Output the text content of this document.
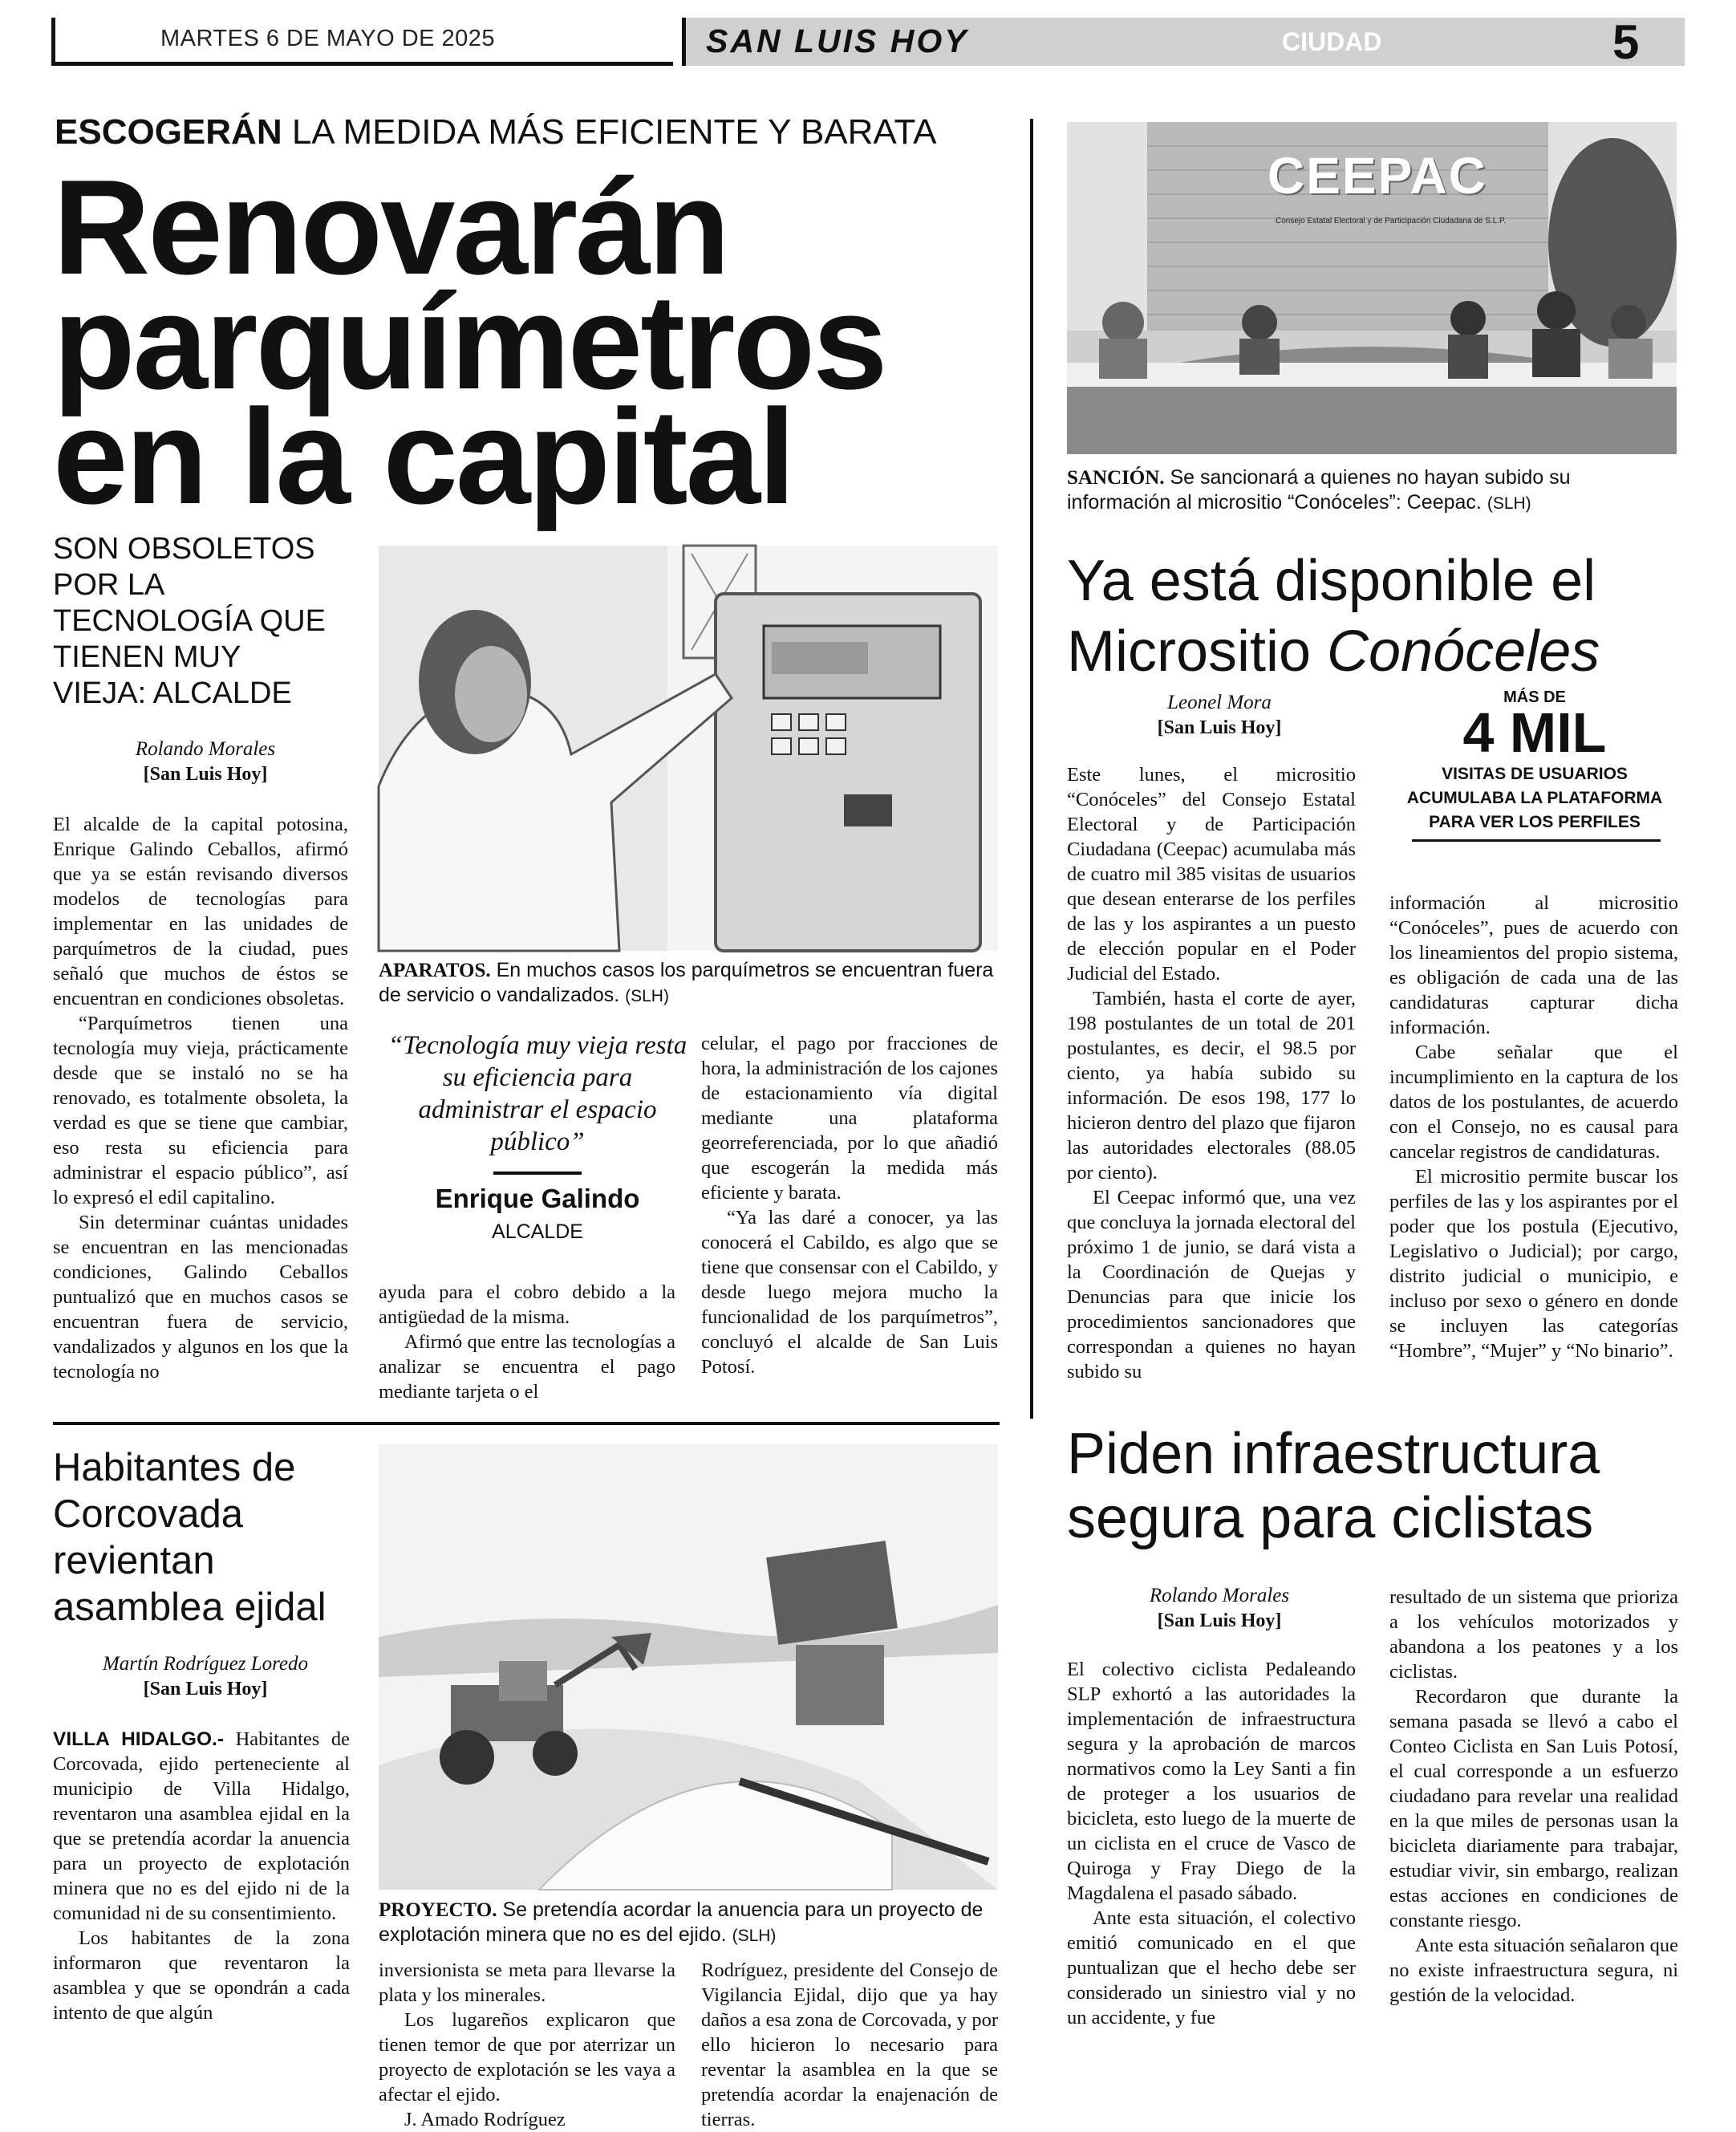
MARTES 6 DE MAYO DE 2025	SAN LUIS HOY	CIUDAD	5
ESCOGERÁN LA MEDIDA MÁS EFICIENTE Y BARATA
Renovarán
parquímetros
en la capital
SON OBSOLETOS POR LA TECNOLOGÍA QUE TIENEN MUY VIEJA: ALCALDE
Rolando Morales
[San Luis Hoy]

El alcalde de la capital potosina, Enrique Galindo Ceballos, afirmó que ya se están revisando diversos modelos de tecnologías para implementar en las unidades de parquímetros de la ciudad, pues señaló que muchos de éstos se encuentran en condiciones obsoletas.

“Parquímetros tienen una tecnología muy vieja, prácticamente desde que se instaló no se ha renovado, es totalmente obsoleta, la verdad es que se tiene que cambiar, eso resta su eficiencia para administrar el espacio público”, así lo expresó el edil capitalino.

Sin determinar cuántas unidades se encuentran en las mencionadas condiciones, Galindo Ceballos puntualizó que en muchos casos se encuentran fuera de servicio, vandalizados y algunos en los que la tecnología no

APARATOS. En muchos casos los parquímetros se encuentran fuera de servicio o vandalizados. (SLH)
“Tecnología muy vieja resta su eficiencia para administrar el espacio público”
Enrique Galindo
ALCALDE

ayuda para el cobro debido a la antigüedad de la misma.

Afirmó que entre las tecnologías a analizar se encuentra el pago mediante tarjeta o el

celular, el pago por fracciones de hora, la administración de los cajones de estacionamiento vía digital mediante una plataforma georreferenciada, por lo que añadió que escogerán la medida más eficiente y barata.

“Ya las daré a conocer, ya las conocerá el Cabildo, es algo que se tiene que consensar con el Cabildo, y desde luego mejora mucho la funcionalidad de los parquímetros”, concluyó el alcalde de San Luis Potosí.

CEEPAC
Consejo Estatal Electoral y de Participación Ciudadana de S.L.P.
SANCIÓN. Se sancionará a quienes no hayan subido su información al micrositio “Conóceles”: Ceepac. (SLH)
Ya está disponible el
Micrositio Conóceles
Leonel Mora
[San Luis Hoy]
MÁS DE
4 MIL
VISITAS DE USUARIOS ACUMULABA LA PLATAFORMA PARA VER LOS PERFILES

Este lunes, el micrositio “Conóceles” del Consejo Estatal Electoral y de Participación Ciudadana (Ceepac) acumulaba más de cuatro mil 385 visitas de usuarios que desean enterarse de los perfiles de las y los aspirantes a un puesto de elección popular en el Poder Judicial del Estado.

También, hasta el corte de ayer, 198 postulantes de un total de 201 postulantes, es decir, el 98.5 por ciento, ya había subido su información. De esos 198, 177 lo hicieron dentro del plazo que fijaron las autoridades electorales (88.05 por ciento).

El Ceepac informó que, una vez que concluya la jornada electoral del próximo 1 de junio, se dará vista a la Coordinación de Quejas y Denuncias para que inicie los procedimientos sancionadores que correspondan a quienes no hayan subido su

información al micrositio “Conóceles”, pues de acuerdo con los lineamientos del propio sistema, es obligación de cada una de las candidaturas capturar dicha información.

Cabe señalar que el incumplimiento en la captura de los datos de los postulantes, de acuerdo con el Consejo, no es causal para cancelar registros de candidaturas.

El micrositio permite buscar los perfiles de las y los aspirantes por el poder que los postula (Ejecutivo, Legislativo o Judicial); por cargo, distrito judicial o municipio, e incluso por sexo o género en donde se incluyen las categorías “Hombre”, “Mujer” y “No binario”.

Piden infraestructura segura para ciclistas
Rolando Morales
[San Luis Hoy]

El colectivo ciclista Pedaleando SLP exhortó a las autoridades la implementación de infraestructura segura y la aprobación de marcos normativos como la Ley Santi a fin de proteger a los usuarios de bicicleta, esto luego de la muerte de un ciclista en el cruce de Vasco de Quiroga y Fray Diego de la Magdalena el pasado sábado.

Ante esta situación, el colectivo emitió comunicado en el que puntualizan que el hecho debe ser considerado un siniestro vial y no un accidente, y fue

resultado de un sistema que prioriza a los vehículos motorizados y abandona a los peatones y a los ciclistas.

Recordaron que durante la semana pasada se llevó a cabo el Conteo Ciclista en San Luis Potosí, el cual corresponde a un esfuerzo ciudadano para revelar una realidad en la que miles de personas usan la bicicleta diariamente para trabajar, estudiar vivir, sin embargo, realizan estas acciones en condiciones de constante riesgo.

Ante esta situación señalaron que no existe infraestructura segura, ni gestión de la velocidad.

Habitantes de Corcovada revientan asamblea ejidal
Martín Rodríguez Loredo
[San Luis Hoy]

VILLA HIDALGO.- Habitantes de Corcovada, ejido perteneciente al municipio de Villa Hidalgo, reventaron una asamblea ejidal en la que se pretendía acordar la anuencia para un proyecto de explotación minera que no es del ejido ni de la comunidad ni de su consentimiento.

Los habitantes de la zona informaron que reventaron la asamblea y que se opondrán a cada intento de que algún

PROYECTO. Se pretendía acordar la anuencia para un proyecto de explotación minera que no es del ejido. (SLH)

inversionista se meta para llevarse la plata y los minerales.

Los lugareños explicaron que tienen temor de que por aterrizar un proyecto de explotación se les vaya a afectar el ejido.

J. Amado Rodríguez

Rodríguez, presidente del Consejo de Vigilancia Ejidal, dijo que ya hay daños a esa zona de Corcovada, y por ello hicieron lo necesario para reventar la asamblea en la que se pretendía acordar la enajenación de tierras.
